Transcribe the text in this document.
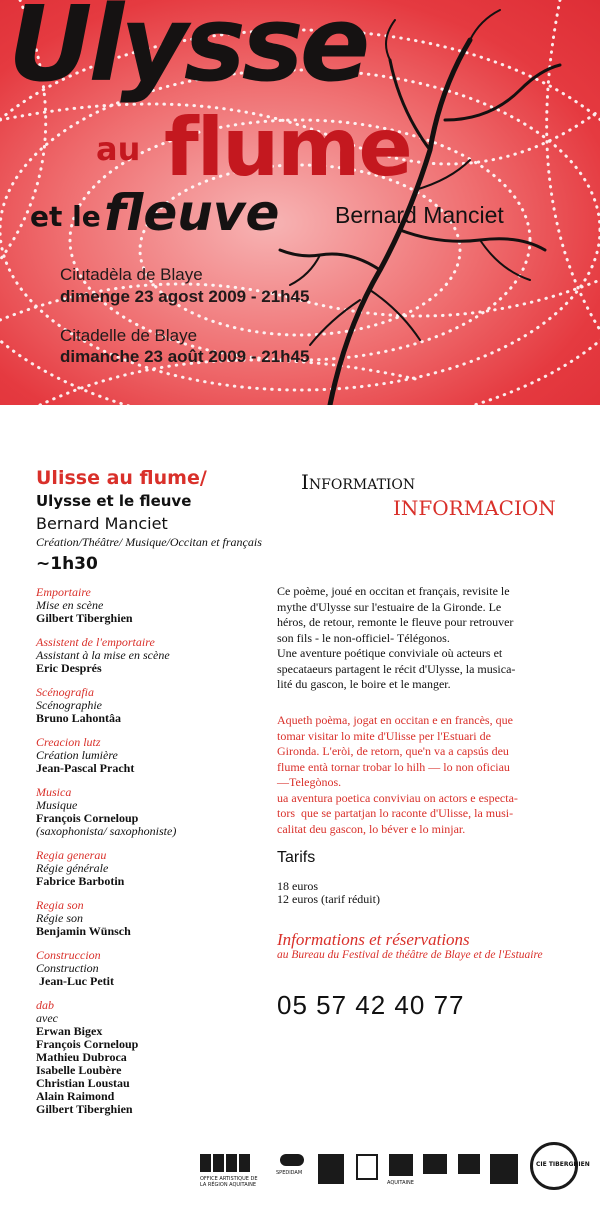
Ulysse
au flume
et le fleuve Bernard Manciet
Ciutadèla de Blaye
dimenge 23 agost 2009 - 21h45
Citadelle de Blaye
dimanche 23 août 2009 - 21h45
Ulisse au flume/
Ulysse et le fleuve
Bernard Manciet
Création/Théâtre/ Musique/Occitan et français
~1h30
Emportaire
Mise en scène
Gilbert Tiberghien
Assistent de l'emportaire
Assistant à la mise en scène
Eric Després
Scénografia
Scénographie
Bruno Lahontâa
Creacion lutz
Création lumière
Jean-Pascal Pracht
Musica
Musique
François Corneloup
(saxophonista/ saxophoniste)
Regia generau
Régie générale
Fabrice Barbotin
Regia son
Régie son
Benjamin Wünsch
Construccion
Construction
Jean-Luc Petit
dab
avec
Erwan Bigex
François Corneloup
Mathieu Dubroca
Isabelle Loubère
Christian Loustau
Alain Raimond
Gilbert Tiberghien
Information
INFORMACION
Ce poème, joué en occitan et français, revisite le
mythe d'Ulysse sur l'estuaire de la Gironde. Le
héros, de retour, remonte le fleuve pour retrouver
son fils - le non-officiel- Télégonos.
Une aventure poétique conviviale où acteurs et
specataeurs partagent le récit d'Ulysse, la musica-
lité du gascon, le boire et le manger.
Aqueth poèma, jogat en occitan e en francès, que
tomar visitar lo mite d'Ulisse per l'Estuari de
Gironda. L'eròi, de retorn, que'n va a capsús deu
flume entà tornar trobar lo hilh — lo non oficiau
—Telegònos.
ua aventura poetica conviviau on actors e especta-
tors  que se partatjan lo raconte d'Ulisse, la musi-
calitat deu gascon, lo béver e lo minjar.
Tarifs
18 euros
12 euros (tarif réduit)
Informations et réservations
au Bureau du Festival de théâtre de Blaye et de l'Estuaire
05 57 42 40 77
OFFICE ARTISTIQUE DE LA RÉGION AQUITAINE
SPEDIDAM
AQUITAINE
CIE TIBERGHIEN
